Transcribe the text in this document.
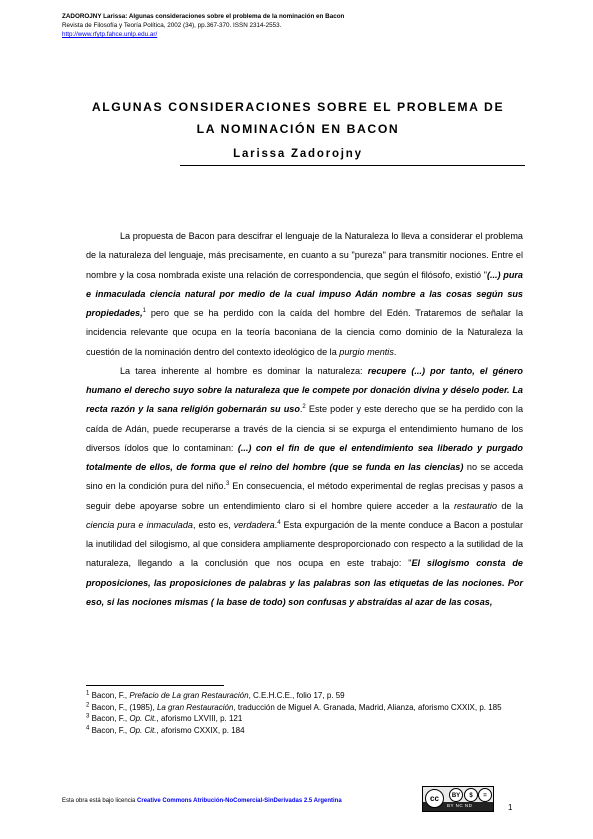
ZADOROJNY Larissa: Algunas consideraciones sobre el problema de la nominación en Bacon
Revista de Filosofía y Teoría Política, 2002 (34), pp.367-370. ISSN 2314-2553.
http://www.rfytp.fahce.unlp.edu.ar/
ALGUNAS CONSIDERACIONES SOBRE EL PROBLEMA DE
LA NOMINACIÓN EN BACON
Larissa Zadorojny

La propuesta de Bacon para descifrar el lenguaje de la Naturaleza lo lleva a considerar el problema de la naturaleza del lenguaje, más precisamente, en cuanto a su "pureza" para transmitir nociones. Entre el nombre y la cosa nombrada existe una relación de correspondencia, que según el filósofo, existió "(...) pura e inmaculada ciencia natural por medio de la cual impuso Adán nombre a las cosas según sus propiedades,$^1$ pero que se ha perdido con la caída del hombre del Edén. Trataremos de señalar la incidencia relevante que ocupa en la teoría baconiana de la ciencia como dominio de la Naturaleza la cuestión de la nominación dentro del contexto ideológico de la purgio mentis.

La tarea inherente al hombre es dominar la naturaleza: recupere (...) por tanto, el género humano el derecho suyo sobre la naturaleza que le compete por donación divina y déselo poder. La recta razón y la sana religión gobernarán su uso.$^2$ Este poder y este derecho que se ha perdido con la caída de Adán, puede recuperarse a través de la ciencia si se expurga el entendimiento humano de los diversos ídolos que lo contaminan: (...) con el fin de que el entendimiento sea liberado y purgado totalmente de ellos, de forma que el reino del hombre (que se funda en las ciencias) no se acceda sino en la condición pura del niño.$^3$ En consecuencia, el método experimental de reglas precisas y pasos a seguir debe apoyarse sobre un entendimiento claro si el hombre quiere acceder a la restauratio de la ciencia pura e inmaculada, esto es, verdadera.$^4$ Esta expurgación de la mente conduce a Bacon a postular la inutilidad del silogismo, al que considera ampliamente desproporcionado con respecto a la sutilidad de la naturaleza, llegando a la conclusión que nos ocupa en este trabajo: "El silogismo consta de proposiciones, las proposiciones de palabras y las palabras son las etiquetas de las nociones. Por eso, si las nociones mismas ( la base de todo) son confusas y abstraídas al azar de las cosas,

$^1$ Bacon, F., Prefacio de La gran Restauración, C.E.H.C.E., folio 17, p. 59
$^2$ Bacon, F., (1985), La gran Restauración, traducción de Miguel A. Granada, Madrid, Alianza, aforismo CXXIX, p. 185
$^3$ Bacon, F., Op. Cit., aforismo LXVIII, p. 121
$^4$ Bacon, F., Op. Cit., aforismo CXXIX, p. 184
Esta obra está bajo licencia Creative Commons Atribución-NoComercial-SinDerivadas 2.5 Argentina	cc	BY	$	=
BY NC ND	1
